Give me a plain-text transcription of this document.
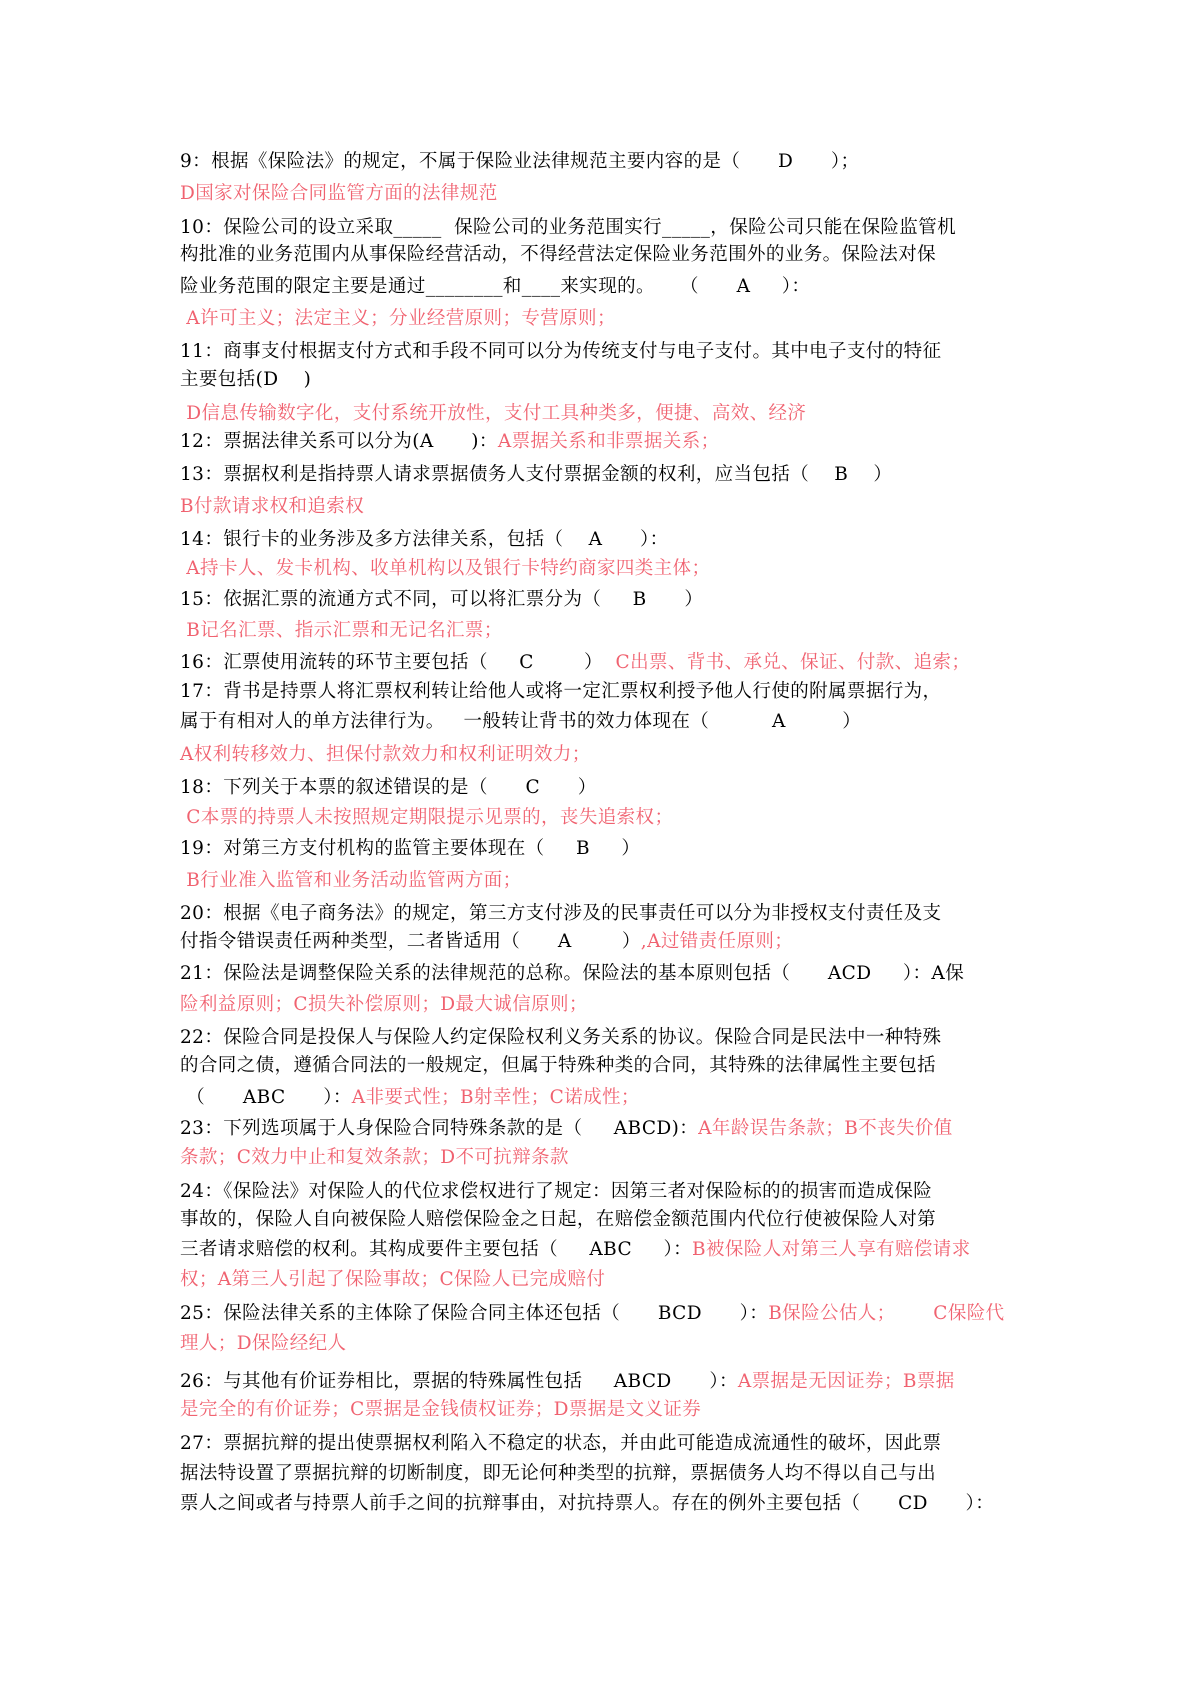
9：根据《保险法》的规定，不属于保险业法律规范主要内容的是（      D      ）；
D国家对保险合同监管方面的法律规范
10：保险公司的设立采取_____  保险公司的业务范围实行_____，保险公司只能在保险监管机
构批准的业务范围内从事保险经营活动，不得经营法定保险业务范围外的业务。保险法对保
险业务范围的限定主要是通过________和____来实现的。    （      A     ）：
A许可主义；法定主义；分业经营原则；专营原则；
11：商事支付根据支付方式和手段不同可以分为传统支付与电子支付。其中电子支付的特征
主要包括(D    )
D信息传输数字化，支付系统开放性，支付工具种类多，便捷、高效、经济
12：票据法律关系可以分为(A      )：A票据关系和非票据关系；
13：票据权利是指持票人请求票据债务人支付票据金额的权利，应当包括（    B    ）
B付款请求权和追索权
14：银行卡的业务涉及多方法律关系，包括（    A      ）：
A持卡人、发卡机构、收单机构以及银行卡特约商家四类主体；
15：依据汇票的流通方式不同，可以将汇票分为（     B      ）
B记名汇票、指示汇票和无记名汇票；
16：汇票使用流转的环节主要包括（     C        ）  C出票、背书、承兑、保证、付款、追索；
17：背书是持票人将汇票权利转让给他人或将一定汇票权利授予他人行使的附属票据行为，
属于有相对人的单方法律行为。   一般转让背书的效力体现在（          A         ）
A权利转移效力、担保付款效力和权利证明效力；
18：下列关于本票的叙述错误的是（      C      ）
C本票的持票人未按照规定期限提示见票的，丧失追索权；
19：对第三方支付机构的监管主要体现在（     B     ）
B行业准入监管和业务活动监管两方面；
20：根据《电子商务法》的规定，第三方支付涉及的民事责任可以分为非授权支付责任及支
付指令错误责任两种类型，二者皆适用（      A        ）,A过错责任原则；
21：保险法是调整保险关系的法律规范的总称。保险法的基本原则包括（      ACD     ）：A保
险利益原则；C损失补偿原则；D最大诚信原则；
22：保险合同是投保人与保险人约定保险权利义务关系的协议。保险合同是民法中一种特殊
的合同之债，遵循合同法的一般规定，但属于特殊种类的合同，其特殊的法律属性主要包括
（      ABC      ）：A非要式性；B射幸性；C诺成性；
23：下列选项属于人身保险合同特殊条款的是（     ABCD)：A年龄误告条款；B不丧失价值
条款；C效力中止和复效条款；D不可抗辩条款
24：《保险法》对保险人的代位求偿权进行了规定：因第三者对保险标的的损害而造成保险
事故的，保险人自向被保险人赔偿保险金之日起，在赔偿金额范围内代位行使被保险人对第
三者请求赔偿的权利。其构成要件主要包括（     ABC     ）：B被保险人对第三人享有赔偿请求
权；A第三人引起了保险事故；C保险人已完成赔付
25：保险法律关系的主体除了保险合同主体还包括（      BCD      ）：B保险公估人；      C保险代
理人；D保险经纪人
26：与其他有价证券相比，票据的特殊属性包括     ABCD      ）：A票据是无因证券；B票据
是完全的有价证券；C票据是金钱债权证券；D票据是文义证券
27：票据抗辩的提出使票据权利陷入不稳定的状态，并由此可能造成流通性的破坏，因此票
据法特设置了票据抗辩的切断制度，即无论何种类型的抗辩，票据债务人均不得以自己与出
票人之间或者与持票人前手之间的抗辩事由，对抗持票人。存在的例外主要包括（      CD      ）：
